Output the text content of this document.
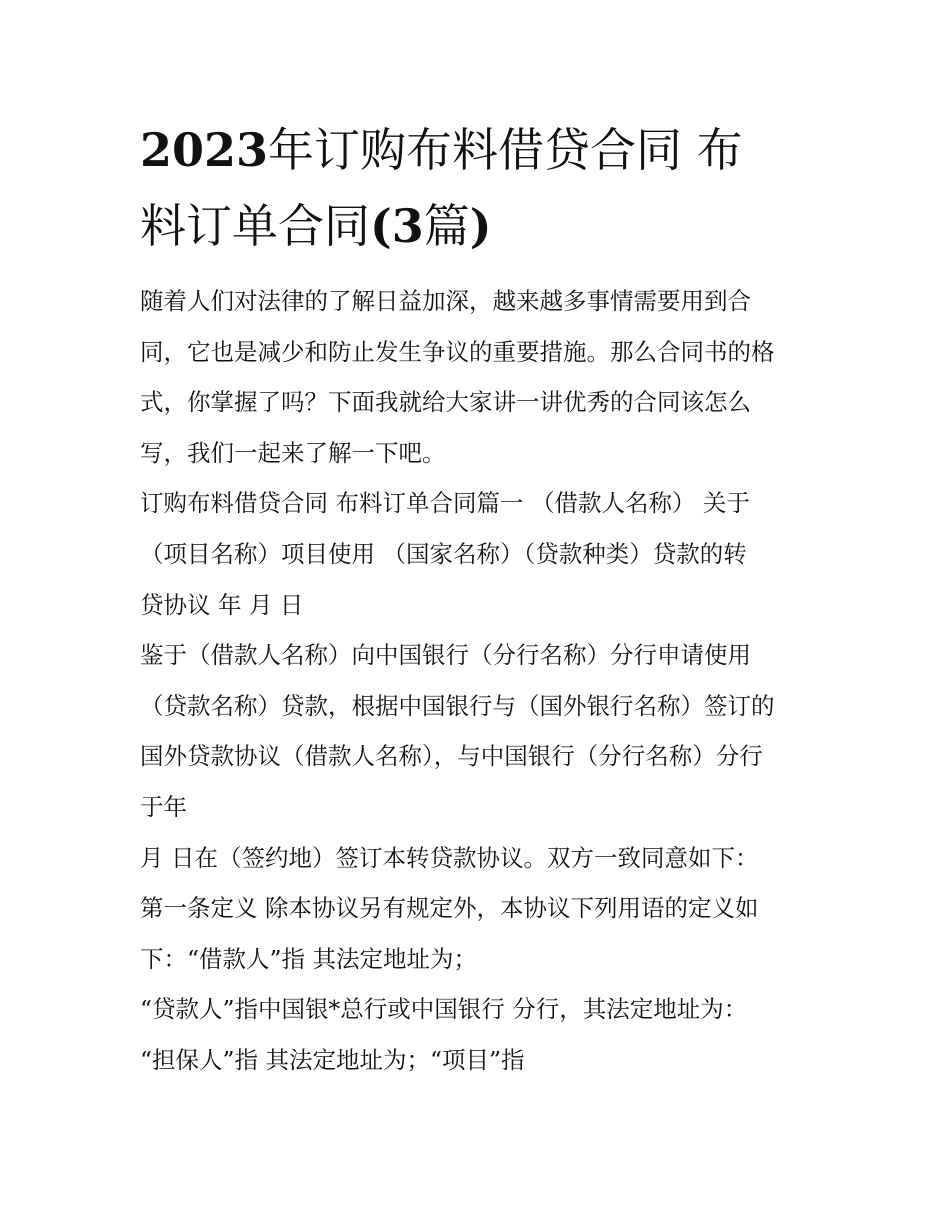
2023年订购布料借贷合同 布
料订单合同(3篇)
随着人们对法律的了解日益加深，越来越多事情需要用到合
同，它也是减少和防止发生争议的重要措施。那么合同书的格
式，你掌握了吗？下面我就给大家讲一讲优秀的合同该怎么
写，我们一起来了解一下吧。
订购布料借贷合同 布料订单合同篇一 （借款人名称） 关于
（项目名称）项目使用 （国家名称）（贷款种类）贷款的转
贷协议 年 月 日
鉴于（借款人名称）向中国银行（分行名称）分行申请使用
（贷款名称）贷款，根据中国银行与（国外银行名称）签订的
国外贷款协议（借款人名称），与中国银行（分行名称）分行
于年
月 日在（签约地）签订本转贷款协议。双方一致同意如下：
第一条定义 除本协议另有规定外，本协议下列用语的定义如
下：“借款人”指 其法定地址为；
“贷款人”指中国银*总行或中国银行 分行，其法定地址为：
“担保人”指 其法定地址为；“项目”指
